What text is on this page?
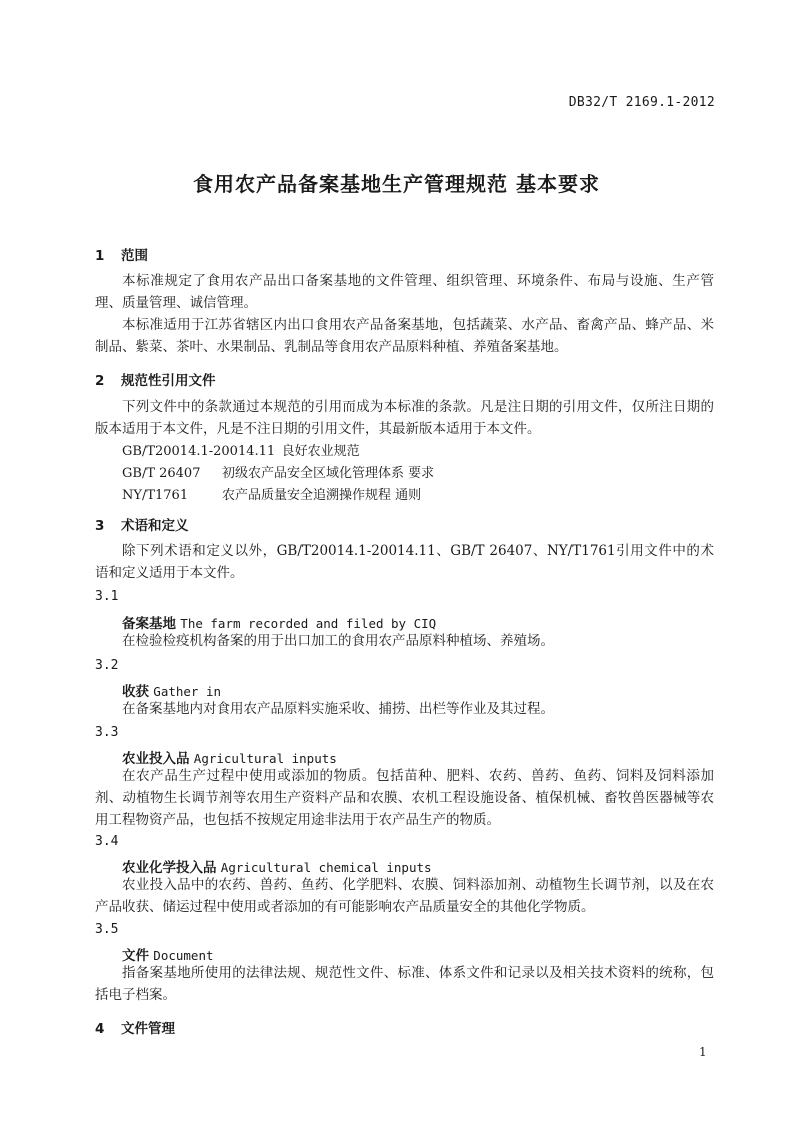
DB32/T 2169.1-2012
食用农产品备案基地生产管理规范 基本要求
1 范围
本标准规定了食用农产品出口备案基地的文件管理、组织管理、环境条件、布局与设施、生产管理、质量管理、诚信管理。
本标准适用于江苏省辖区内出口食用农产品备案基地，包括蔬菜、水产品、畜禽产品、蜂产品、米制品、紫菜、茶叶、水果制品、乳制品等食用农产品原料种植、养殖备案基地。
2 规范性引用文件
下列文件中的条款通过本规范的引用而成为本标准的条款。凡是注日期的引用文件，仅所注日期的版本适用于本文件，凡是不注日期的引用文件，其最新版本适用于本文件。
GB/T20014.1-20014.11  良好农业规范
GB/T 26407 初级农产品安全区域化管理体系 要求
NY/T1761	农产品质量安全追溯操作规程 通则
3 术语和定义
除下列术语和定义以外，GB/T20014.1-20014.11、GB/T 26407、NY/T1761引用文件中的术语和定义适用于本文件。
3.1
备案基地 The farm recorded and filed by CIQ
在检验检疫机构备案的用于出口加工的食用农产品原料种植场、养殖场。
3.2
收获 Gather in
在备案基地内对食用农产品原料实施采收、捕捞、出栏等作业及其过程。
3.3
农业投入品 Agricultural inputs
在农产品生产过程中使用或添加的物质。包括苗种、肥料、农药、兽药、鱼药、饲料及饲料添加剂、动植物生长调节剂等农用生产资料产品和农膜、农机工程设施设备、植保机械、畜牧兽医器械等农用工程物资产品，也包括不按规定用途非法用于农产品生产的物质。
3.4
农业化学投入品 Agricultural chemical inputs
农业投入品中的农药、兽药、鱼药、化学肥料、农膜、饲料添加剂、动植物生长调节剂，以及在农产品收获、储运过程中使用或者添加的有可能影响农产品质量安全的其他化学物质。
3.5
文件 Document
指备案基地所使用的法律法规、规范性文件、标准、体系文件和记录以及相关技术资料的统称，包括电子档案。
4 文件管理
1
